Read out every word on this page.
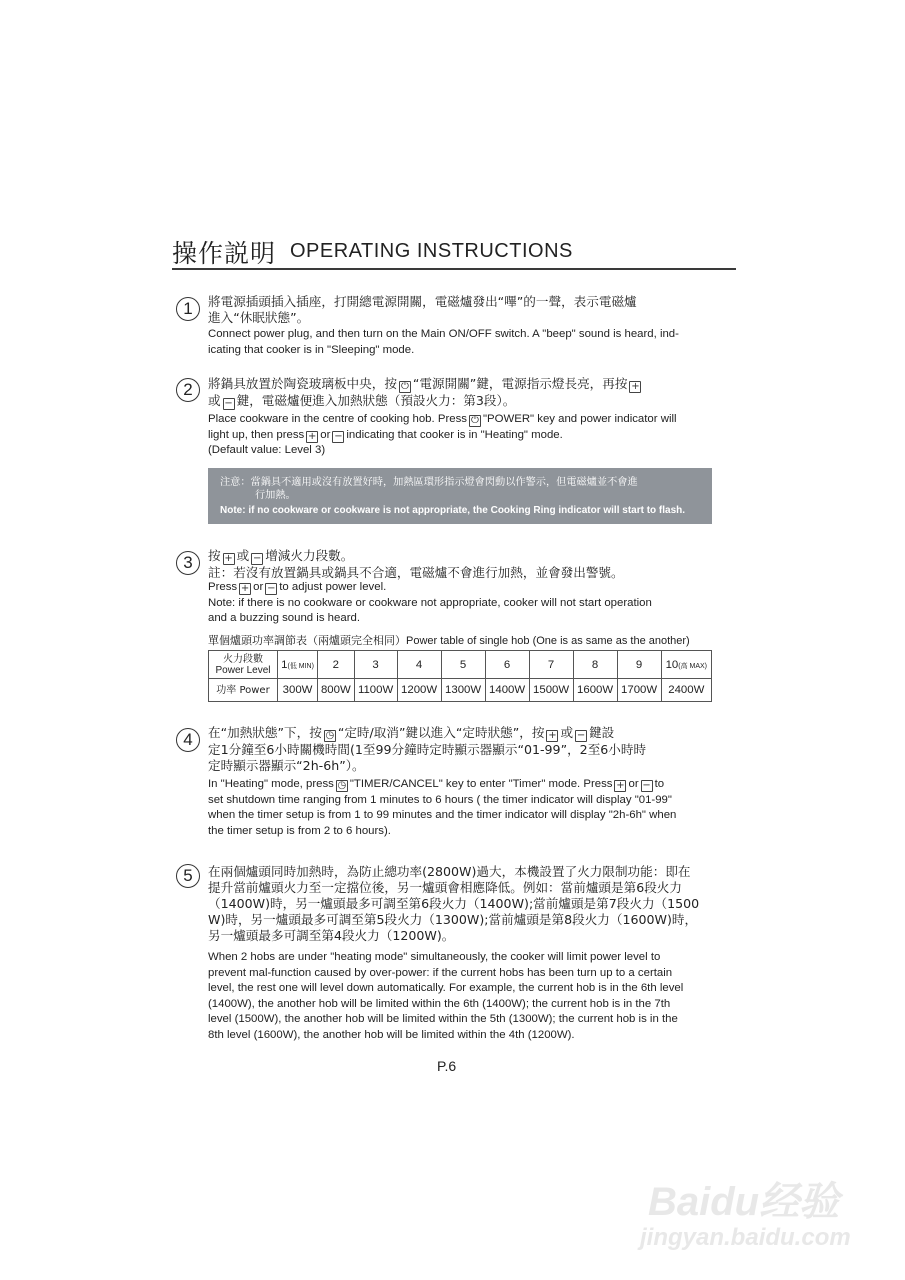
操作説明 OPERATING INSTRUCTIONS
1	將電源插頭插入插座，打開總電源開關，電磁爐發出“嗶”的一聲，表示電磁爐
進入“休眠狀態”。
Connect power plug, and then turn on the Main ON/OFF switch. A "beep" sound is heard, ind-
icating that cooker is in "Sleeping" mode.
2	將鍋具放置於陶瓷玻璃板中央，按 ⏻ “電源開關”鍵，電源指示燈長亮，再按 +
或 − 鍵，電磁爐便進入加熱狀態（預設火力：第3段）。
Place cookware in the centre of cooking hob. Press ⏻ "POWER" key and power indicator will
light up, then press + or − indicating that cooker is in "Heating" mode.
(Default value: Level 3)
注意：當鍋具不適用或沒有放置好時，加熱區環形指示燈會閃動以作警示，但電磁爐並不會進
行加熱。
Note: if no cookware or cookware is not appropriate, the Cooking Ring indicator will start to flash.
3	按 + 或 − 增減火力段數。
註：若沒有放置鍋具或鍋具不合適，電磁爐不會進行加熱，並會發出警號。
Press + or − to adjust power level.
Note: if there is no cookware or cookware not appropriate, cooker will not start operation
and a buzzing sound is heard.
單個爐頭功率調節表（兩爐頭完全相同）Power table of single hob (One is as same as the another)
火力段數
Power Level	1(低 MIN)	2	3	4	5	6	7	8	9	10(高 MAX)
功率 Power	300W	800W	1100W	1200W	1300W	1400W	1500W	1600W	1700W	2400W
4	在“加熱狀態”下，按 ◷ “定時/取消”鍵以進入“定時狀態”，按 + 或 − 鍵設
定1分鐘至6小時關機時間(1至99分鐘時定時顯示器顯示“01-99”，2至6小時時
定時顯示器顯示“2h-6h”）。
In "Heating" mode, press ◷ "TIMER/CANCEL" key to enter "Timer" mode. Press + or − to
set shutdown time ranging from 1 minutes to 6 hours ( the timer indicator will display "01-99"
when the timer setup is from 1 to 99 minutes and the timer indicator will display "2h-6h" when
the timer setup is from 2 to 6 hours).
5	在兩個爐頭同時加熱時，為防止總功率(2800W)過大，本機設置了火力限制功能：即在
提升當前爐頭火力至一定擋位後，另一爐頭會相應降低。例如：當前爐頭是第6段火力
（1400W)時，另一爐頭最多可調至第6段火力（1400W);當前爐頭是第7段火力（1500
W)時，另一爐頭最多可調至第5段火力（1300W);當前爐頭是第8段火力（1600W)時，
另一爐頭最多可調至第4段火力（1200W)。
When 2 hobs are under "heating mode" simultaneously, the cooker will limit power level to
prevent mal-function caused by over-power: if the current hobs has been turn up to a certain
level, the rest one will level down automatically. For example, the current hob is in the 6th level
(1400W), the another hob will be limited within the 6th (1400W); the current hob is in the 7th
level (1500W), the another hob will be limited within the 5th (1300W); the current hob is in the
8th level (1600W), the another hob will be limited within the 4th (1200W).
P.6
Baidu经验
jingyan.baidu.com
